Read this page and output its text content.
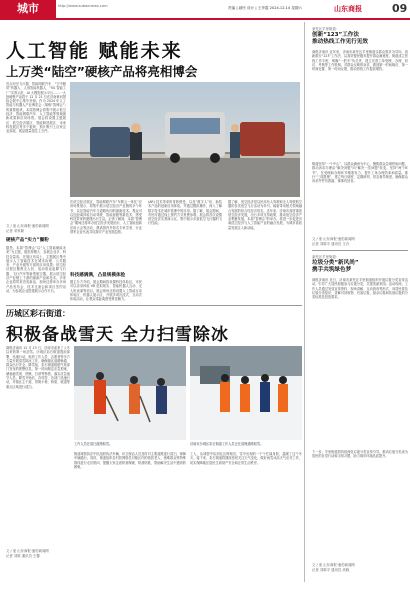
城市	http://www.subaonews.com	责编 | 副民 设计 | 王李霞 2024.12.14 星期六	山东商报	09
人工智能 赋能未来
上万类“陆空”硬核产品将亮相博会
亮点纷呈飞行器、智能网联汽车、“空中履带”机器人、人形智能机器人、“5G 智能工厂”实景示范、AI 大模型展示平台……一大批硬核产品将于 12 月 21 日在济南黄河国际会展中心集中亮相。作为 2024 年人工智能与机器人产业博览会（简称“智博会”）的重要板块，本届智博会将集中展示低空经济、智能网联汽车、人工智能等领域最新成果和应用场景。展会将设置主题展区、低空经济展区、智能制造展区、未来科技展区等多个板块，预计吸引上百家企业参展，展品数量超过上万件。
文 / 庞 山东商报·速豹新闻网
记者 邓家颖
硬核产品“实力”圈粉
据悉，本届“智博会”以“人工智能赋能未来”为主题，展览规模大、参展企业多、科技含量高。在展区布局上，主题展区集中展示人工智能技术在城市治理、公共服务、产业升级等方面的应用成果；低空经济展区聚焦无人机、电动垂直起降飞行器、飞行汽车等新型航空器，展示低空经济产业链上下游的最新产品和技术。多家企业将带来首发新品，现场还将举办多场产品发布会、技术交流会和项目签约活动，为参展企业搭建展示合作平台。
在低空经济展区，智能网联汽车“车路云一体化”应用场景展示，将集中展示低空经济产业链的多个环节，以及智能汽车与道路协同的最新技术。观众可以近距离体验自动驾驶、智能座舱等新技术，感受科技带来的便捷出行生活。记者了解到，本届“智博会”期间还将举办低空经济发展论坛、人工智能创新应用大会等活动，邀请国内外知名专家学者、行业领军企业代表共同探讨产业发展趋势。
科技感满满，凸显规模体验
据主办方介绍，展会期间将设置科技体验区，市民可以亲身体验 VR 虚拟现实、智能机器人互动、无人机表演等项目。展会现场还将设置人工智能互动体验区、机器人展示区，开展多项沉浸式、互动式体验活动，让观众零距离感受科技魅力。
(AR) 技术带来的奇妙感受，以及“数字人”向、新技术产品的创新应用体验，并通过模拟操作，深入了解数字技术在城市管理中的应用。据了解，展会期间，市民可通过线上预约方式免费参观。展会将首次设置低空经济实景演示区，集中展示多款低空飞行器的飞行性能。
据了解，低空经济是以民用有人驾驶和无人驾驶航空器的各类低空飞行活动为牵引，辐射带动相关领域融合发展的综合性经济形态。近年来，济南市高度重视低空经济发展，出台多项支持政策，推动低空经济产业集聚发展。本届“智博会”的举办，将进一步促进济南低空经济与人工智能产业的融合发展，为城市高质量发展注入新动能。
历城区彩石街道：
积极备战雪天 全力扫雪除冰
商报济南讯 12 月 13 日，济南市迎来了入冬以来的第一场初雪。历城区彩石街道提前部署、迅速行动，组织工作人员、志愿者等多方力量开展清雪除冰工作，确保辖区道路畅通、群众出行安全。降雪前，彩石街道根据气象部门发布的预警信息，第一时间制定应急预案，储备融雪剂、铁锹、扫帚等物资，落实应急值守人员。降雪开始后，各村居、各部门迅速行动，对辖区主干道、背街小巷、桥梁、坡道等重点区域进行清扫。
文 / 庞 山东商报·速豹新闻网
记者 刘陈 通讯员 王馨
工作人员在清扫道路积雪。	济南市历城区彩石街道工作人员正在清理道路积雪。
街道城管执法中队组织执法车辆、环卫保洁人员及时对主要道路进行清扫，保障车辆通行。同时，街道组织各村居网格员对辖区内的独居老人、困难群众等特殊群体进行走访慰问，提醒大家注意防寒保暖、防滑防跌，帮助解决生活中遇到的困难。
工人，从城管中队到社区网格员，雪中出现的一个个忙碌身影，温暖了这个冬天。接下来，彩石街道将继续密切关注天气变化，做好雨雪冰冻天气应对工作，切实保障辖区居民生命财产安全和正常生活秩序。
莱芜区羊里街道：
创新“123”工作法
推动热线工作见行见效
商报济南讯 近年来，济南市莱芜区羊里街道以群众需求为导向，创新推行“123”工作法，以高效便民服务提升群众满意度。街道成立热线工作专班，明确“一把手”负总责，建立完善工单受理、办理、回访、考核等工作机制。对群众反映的诉求，做到第一时间响应、第一时间处置、第一时间反馈，推动热线工作提质增效。
街道坚持“一个中心”，以群众满意为中心，聚焦群众急难愁盼问题，推动诉求办理由“解决问题”向“解决一类问题”转变。坚持“两个环节”，在受理和办理环节精准发力，提升工单办理效率和质量。推行“三项措施”，建立每日调度、定期研判、常态督导制度，确保群众诉求件件有着落、事事有回音。
文 / 庞 山东商报·速豹新闻网
记者 刘陈平 通讯员 王卉
莱芜区羊里街道：
垃圾分类“新风尚”
携手共筑绿色梦
商报济南讯 近日，济南市莱芜区羊里街道组织开展垃圾分类宣传活动，引导广大居民积极参与垃圾分类，共建美丽家园。活动现场，工作人员通过发放宣传资料、现场讲解、互动游戏等形式，向居民普及垃圾分类知识，讲解可回收物、有害垃圾、厨余垃圾和其他垃圾的分类标准及投放要求。
下一步，羊里街道将持续深化垃圾分类宣传引导，推动垃圾分类成为居民的自觉行动和文明习惯，助力城市环境品质提升。
文 / 庞 山东商报·速豹新闻网
记者 刘陈平 通讯员 高晓
